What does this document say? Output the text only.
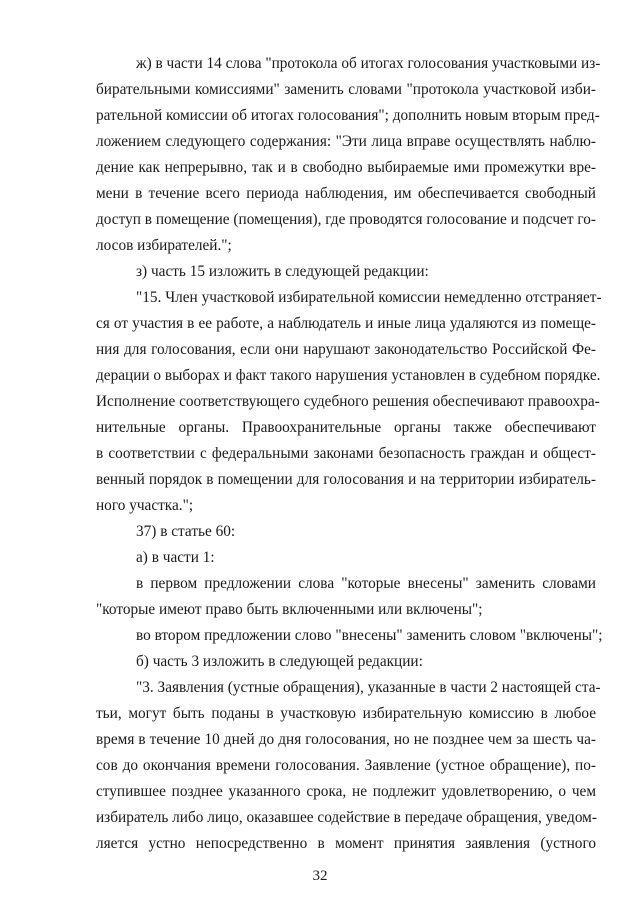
ж) в части 14 слова "протокола об итогах голосования участковыми из-
бирательными комиссиями" заменить словами "протокола участковой изби-
рательной комиссии об итогах голосования"; дополнить новым вторым пред-
ложением следующего содержания: "Эти лица вправе осуществлять наблю-
дение как непрерывно, так и в свободно выбираемые ими промежутки вре-
мени в течение всего периода наблюдения, им обеспечивается свободный
доступ в помещение (помещения), где проводятся голосование и подсчет го-
лосов избирателей.";
з) часть 15 изложить в следующей редакции:
"15. Член участковой избирательной комиссии немедленно отстраняет-
ся от участия в ее работе, а наблюдатель и иные лица удаляются из помеще-
ния для голосования, если они нарушают законодательство Российской Фе-
дерации о выборах и факт такого нарушения установлен в судебном порядке.
Исполнение соответствующего судебного решения обеспечивают правоохра-
нительные органы. Правоохранительные органы также обеспечивают
в соответствии с федеральными законами безопасность граждан и общест-
венный порядок в помещении для голосования и на территории избиратель-
ного участка.";
37) в статье 60:
а) в части 1:
в первом предложении слова "которые внесены" заменить словами
"которые имеют право быть включенными или включены";
во втором предложении слово "внесены" заменить словом "включены";
б) часть 3 изложить в следующей редакции:
"3. Заявления (устные обращения), указанные в части 2 настоящей ста-
тьи, могут быть поданы в участковую избирательную комиссию в любое
время в течение 10 дней до дня голосования, но не позднее чем за шесть ча-
сов до окончания времени голосования. Заявление (устное обращение), по-
ступившее позднее указанного срока, не подлежит удовлетворению, о чем
избиратель либо лицо, оказавшее содействие в передаче обращения, уведом-
ляется устно непосредственно в момент принятия заявления (устного
32
